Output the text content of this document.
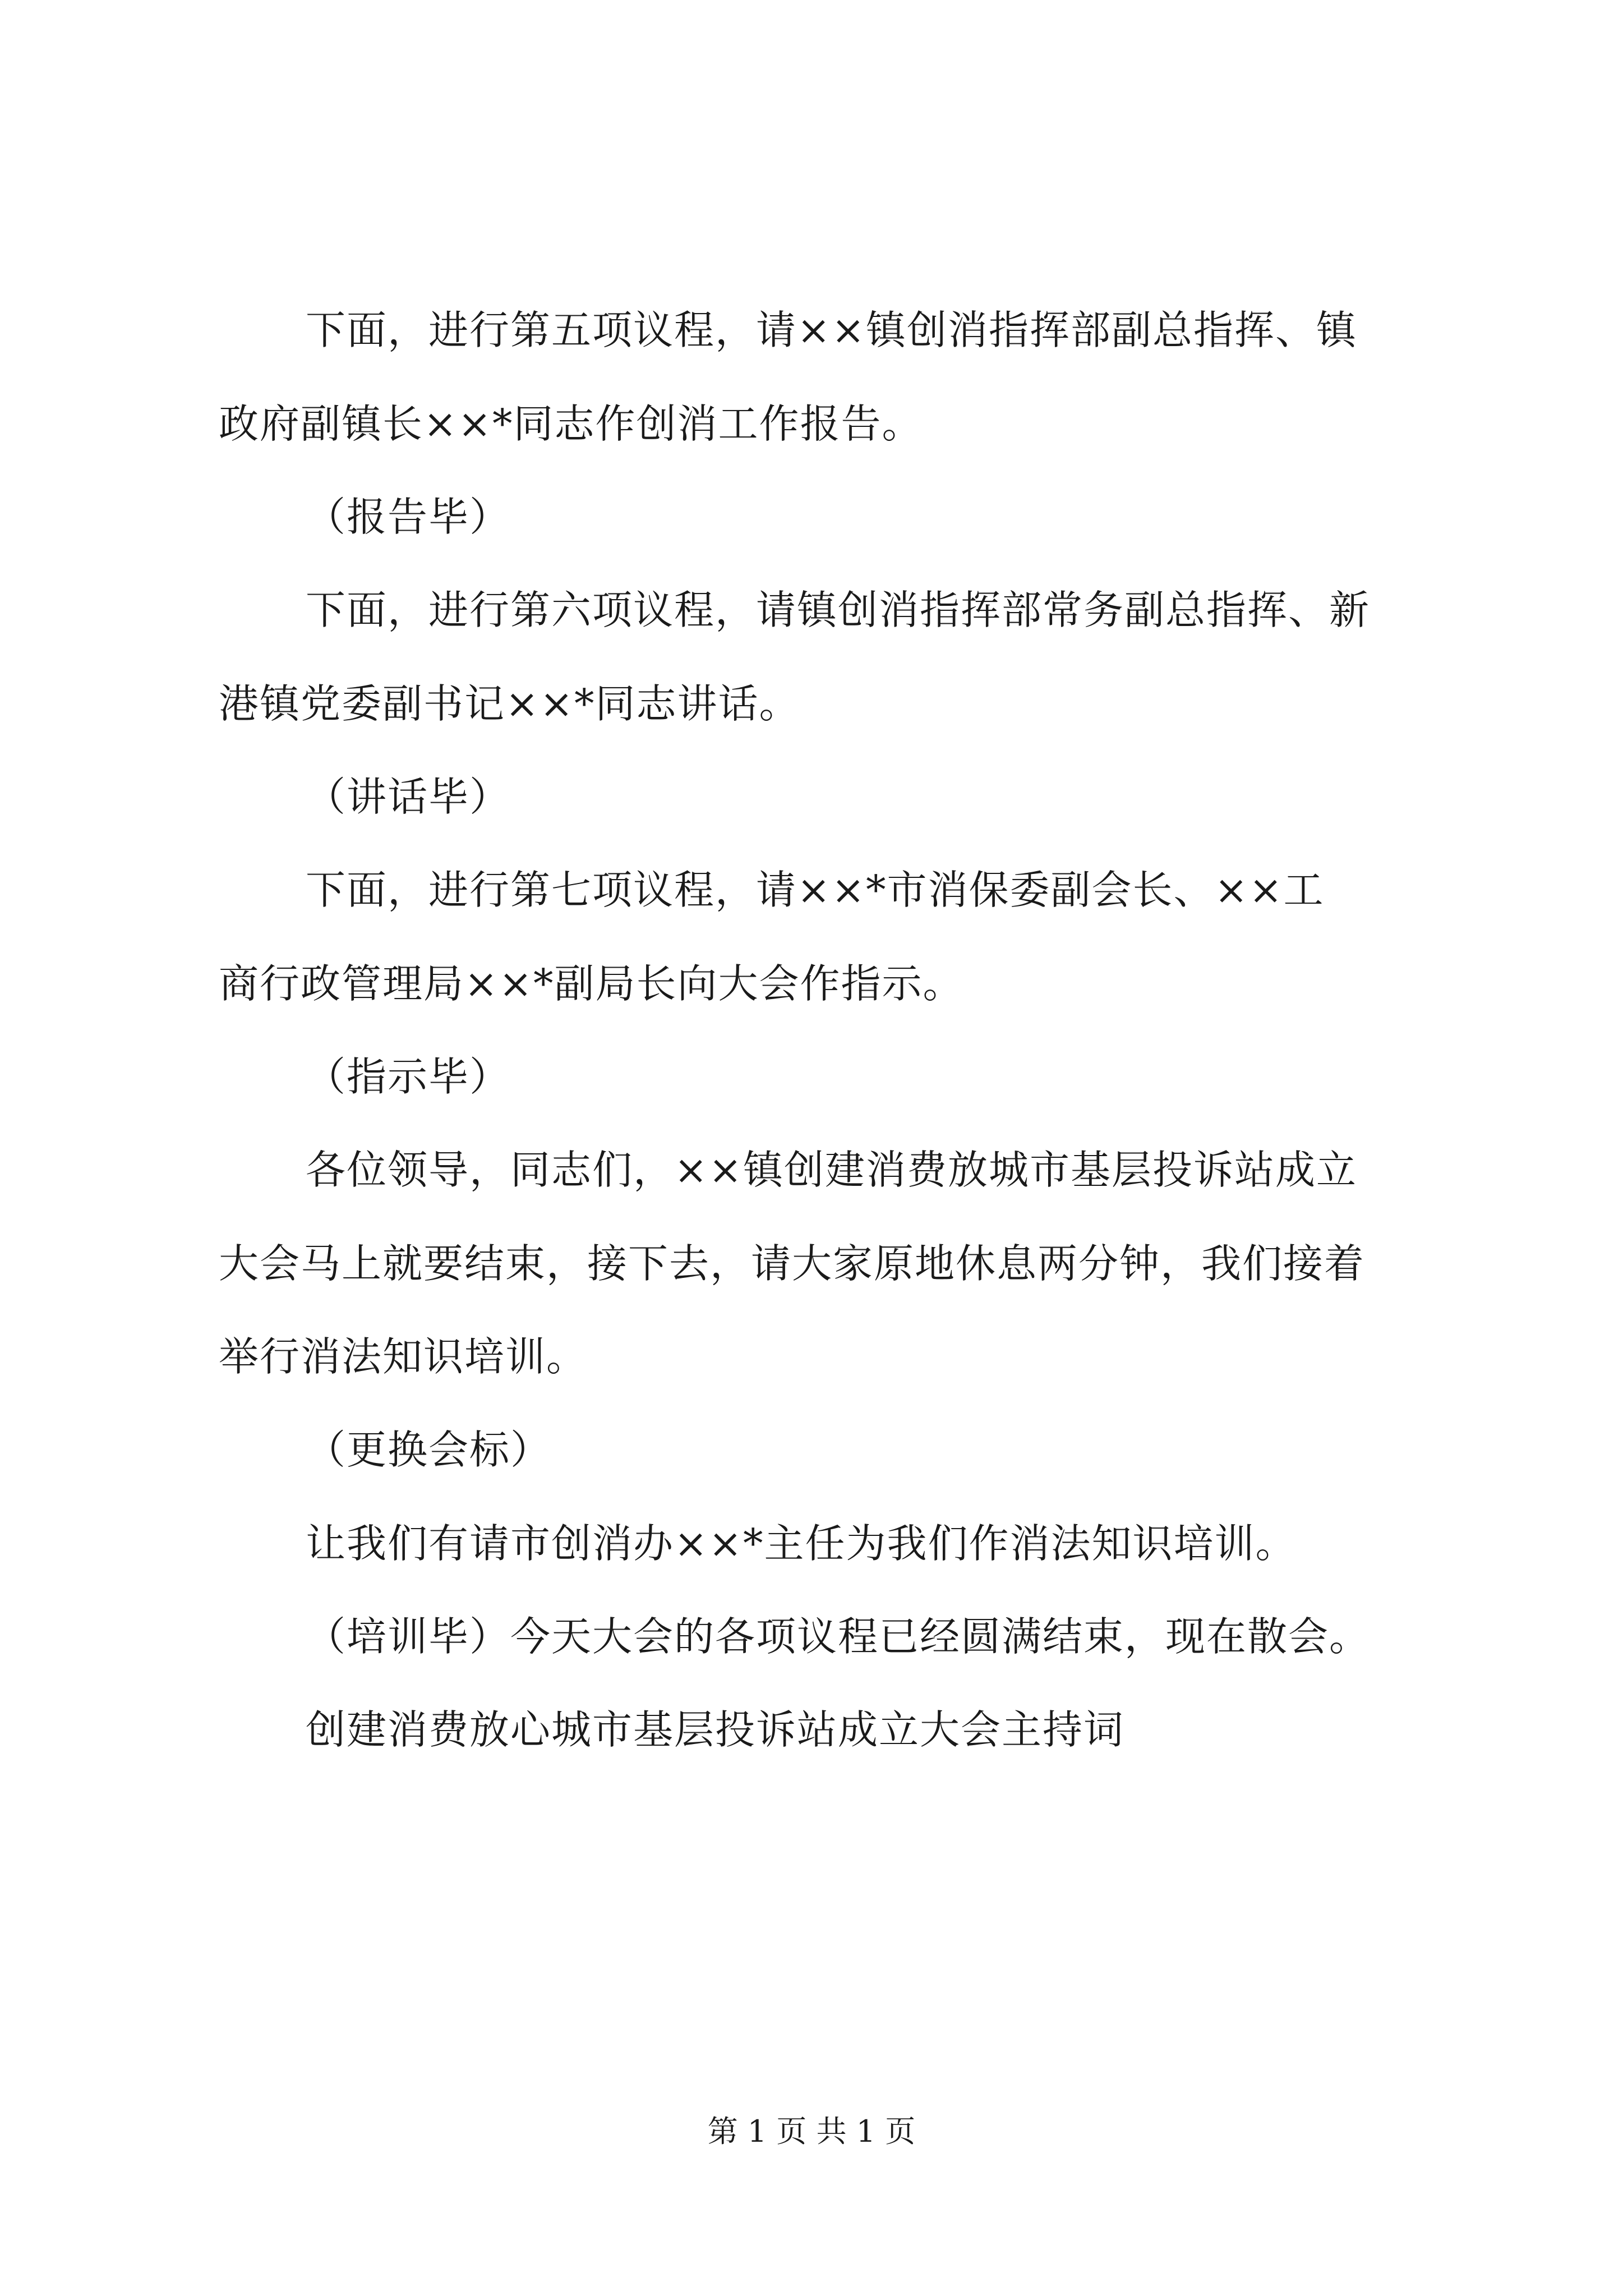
下面，进行第五项议程，请××镇创消指挥部副总指挥、镇
政府副镇长××*同志作创消工作报告。
（报告毕）
下面，进行第六项议程，请镇创消指挥部常务副总指挥、新
港镇党委副书记××*同志讲话。
（讲话毕）
下面，进行第七项议程，请××*市消保委副会长、××工
商行政管理局××*副局长向大会作指示。
（指示毕）
各位领导，同志们，××镇创建消费放城市基层投诉站成立
大会马上就要结束，接下去，请大家原地休息两分钟，我们接着
举行消法知识培训。
（更换会标）
让我们有请市创消办××*主任为我们作消法知识培训。
（培训毕）今天大会的各项议程已经圆满结束，现在散会。
创建消费放心城市基层投诉站成立大会主持词
第 1 页 共 1 页
